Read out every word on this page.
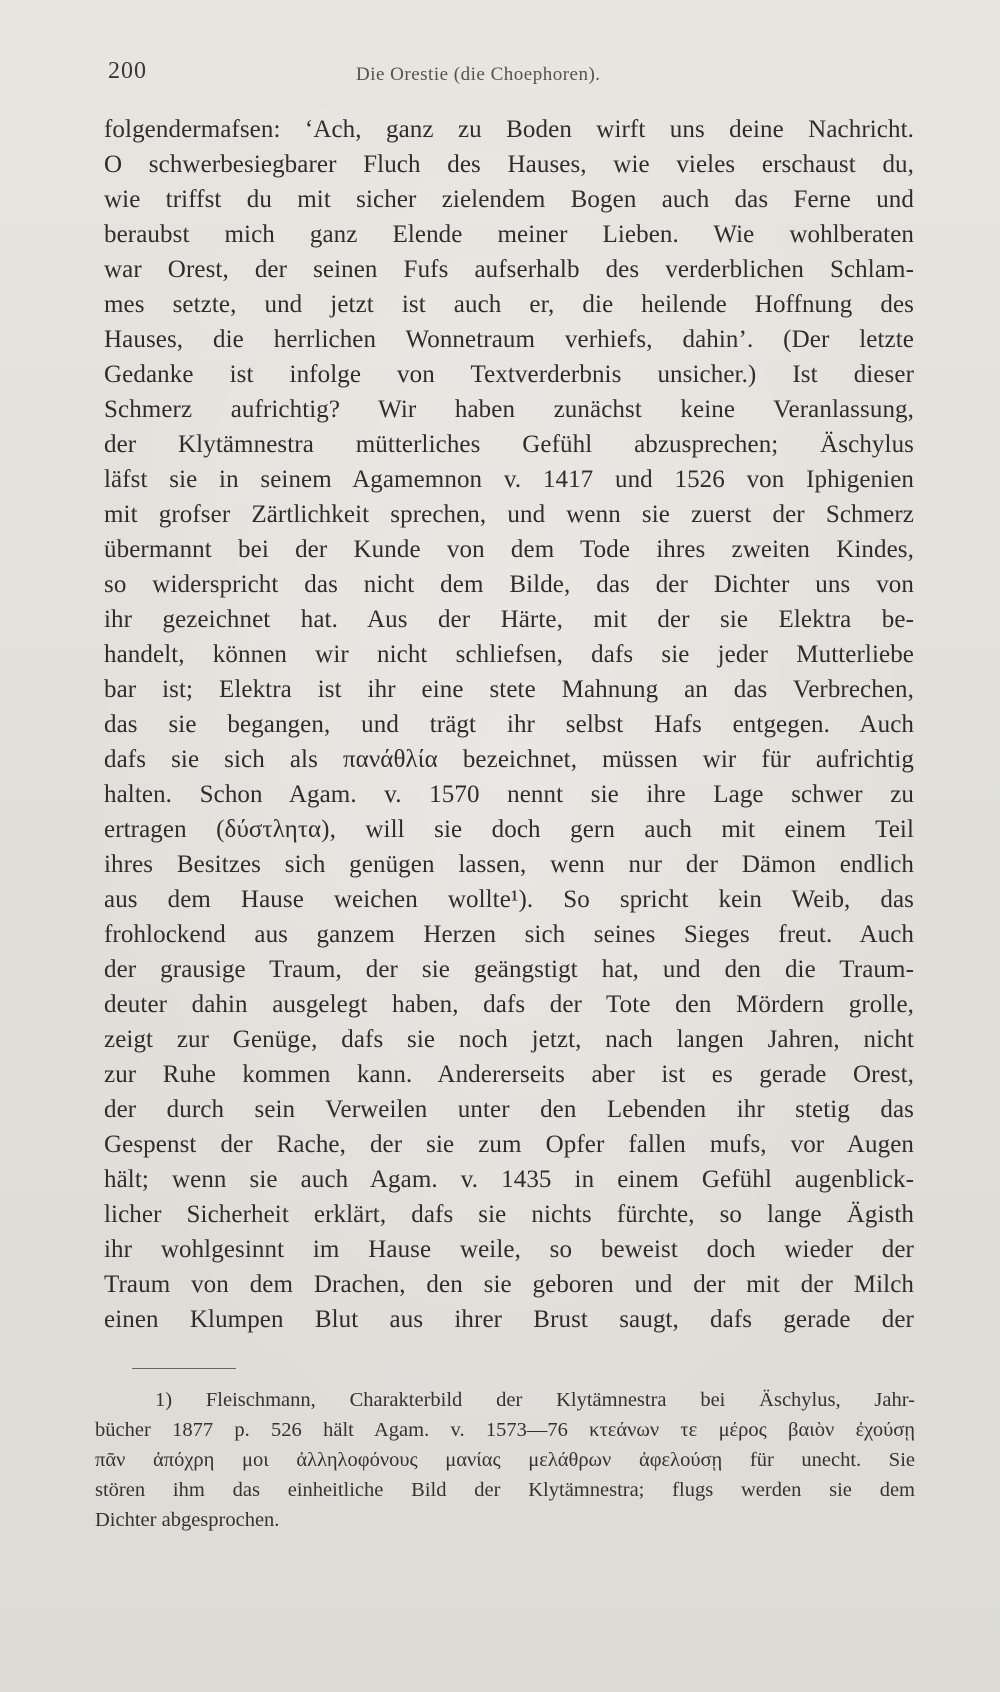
200	Die Orestie (die Choephoren).
folgendermafsen: ‘Ach, ganz zu Boden wirft uns deine Nachricht.
O schwerbesiegbarer Fluch des Hauses, wie vieles erschaust du,
wie triffst du mit sicher zielendem Bogen auch das Ferne und
beraubst mich ganz Elende meiner Lieben. Wie wohlberaten
war Orest, der seinen Fufs aufserhalb des verderblichen Schlam-
mes setzte, und jetzt ist auch er, die heilende Hoffnung des
Hauses, die herrlichen Wonnetraum verhiefs, dahin’. (Der letzte
Gedanke ist infolge von Textverderbnis unsicher.) Ist dieser
Schmerz aufrichtig? Wir haben zunächst keine Veranlassung,
der Klytämnestra mütterliches Gefühl abzusprechen; Äschylus
läfst sie in seinem Agamemnon v. 1417 und 1526 von Iphigenien
mit grofser Zärtlichkeit sprechen, und wenn sie zuerst der Schmerz
übermannt bei der Kunde von dem Tode ihres zweiten Kindes,
so widerspricht das nicht dem Bilde, das der Dichter uns von
ihr gezeichnet hat. Aus der Härte, mit der sie Elektra be-
handelt, können wir nicht schliefsen, dafs sie jeder Mutterliebe
bar ist; Elektra ist ihr eine stete Mahnung an das Verbrechen,
das sie begangen, und trägt ihr selbst Hafs entgegen. Auch
dafs sie sich als πανάθλία bezeichnet, müssen wir für aufrichtig
halten. Schon Agam. v. 1570 nennt sie ihre Lage schwer zu
ertragen (δύστλητα), will sie doch gern auch mit einem Teil
ihres Besitzes sich genügen lassen, wenn nur der Dämon endlich
aus dem Hause weichen wollte¹). So spricht kein Weib, das
frohlockend aus ganzem Herzen sich seines Sieges freut. Auch
der grausige Traum, der sie geängstigt hat, und den die Traum-
deuter dahin ausgelegt haben, dafs der Tote den Mördern grolle,
zeigt zur Genüge, dafs sie noch jetzt, nach langen Jahren, nicht
zur Ruhe kommen kann. Andererseits aber ist es gerade Orest,
der durch sein Verweilen unter den Lebenden ihr stetig das
Gespenst der Rache, der sie zum Opfer fallen mufs, vor Augen
hält; wenn sie auch Agam. v. 1435 in einem Gefühl augenblick-
licher Sicherheit erklärt, dafs sie nichts fürchte, so lange Ägisth
ihr wohlgesinnt im Hause weile, so beweist doch wieder der
Traum von dem Drachen, den sie geboren und der mit der Milch
einen Klumpen Blut aus ihrer Brust saugt, dafs gerade der
1) Fleischmann, Charakterbild der Klytämnestra bei Äschylus, Jahr-
bücher 1877 p. 526 hält Agam. v. 1573—76 κτεάνων τε μέρος βαιὸν ἐχούσῃ
πᾶν ἀπόχρη μοι ἀλληλοφόνους μανίας μελάθρων ἀφελούσῃ für unecht. Sie
stören ihm das einheitliche Bild der Klytämnestra; flugs werden sie dem
Dichter abgesprochen.
